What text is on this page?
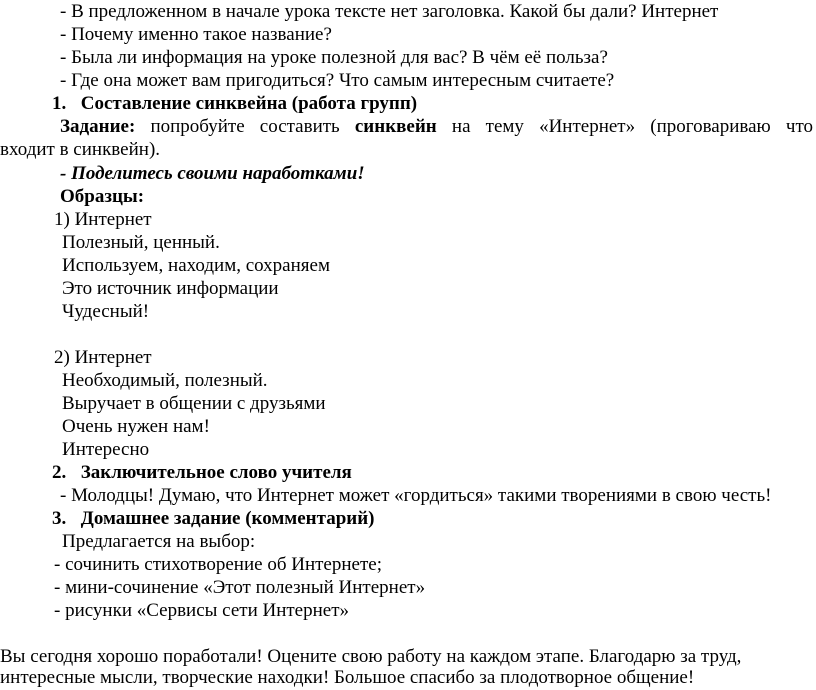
- В предложенном в начале урока тексте нет заголовка. Какой бы дали? Интернет
- Почему именно такое название?
- Была ли информация на уроке полезной для вас? В чём её польза?
- Где она может вам пригодиться? Что самым интересным считаете?
1. Составление синквейна (работа групп)
Задание: попробуйте составить синквейн на тему «Интернет» (проговариваю что
входит в синквейн).
- Поделитесь своими наработками!
Образцы:
1) Интернет
Полезный, ценный.
Используем, находим, сохраняем
Это источник информации
Чудесный!
2) Интернет
Необходимый, полезный.
Выручает в общении с друзьями
Очень нужен нам!
Интересно
2. Заключительное слово учителя
- Молодцы! Думаю, что Интернет может «гордиться» такими творениями в свою честь!
3. Домашнее задание (комментарий)
Предлагается на выбор:
- сочинить стихотворение об Интернете;
- мини-сочинение «Этот полезный Интернет»
- рисунки «Сервисы сети Интернет»
Вы сегодня хорошо поработали! Оцените свою работу на каждом этапе. Благодарю за труд,
интересные мысли, творческие находки! Большое спасибо за плодотворное общение!
